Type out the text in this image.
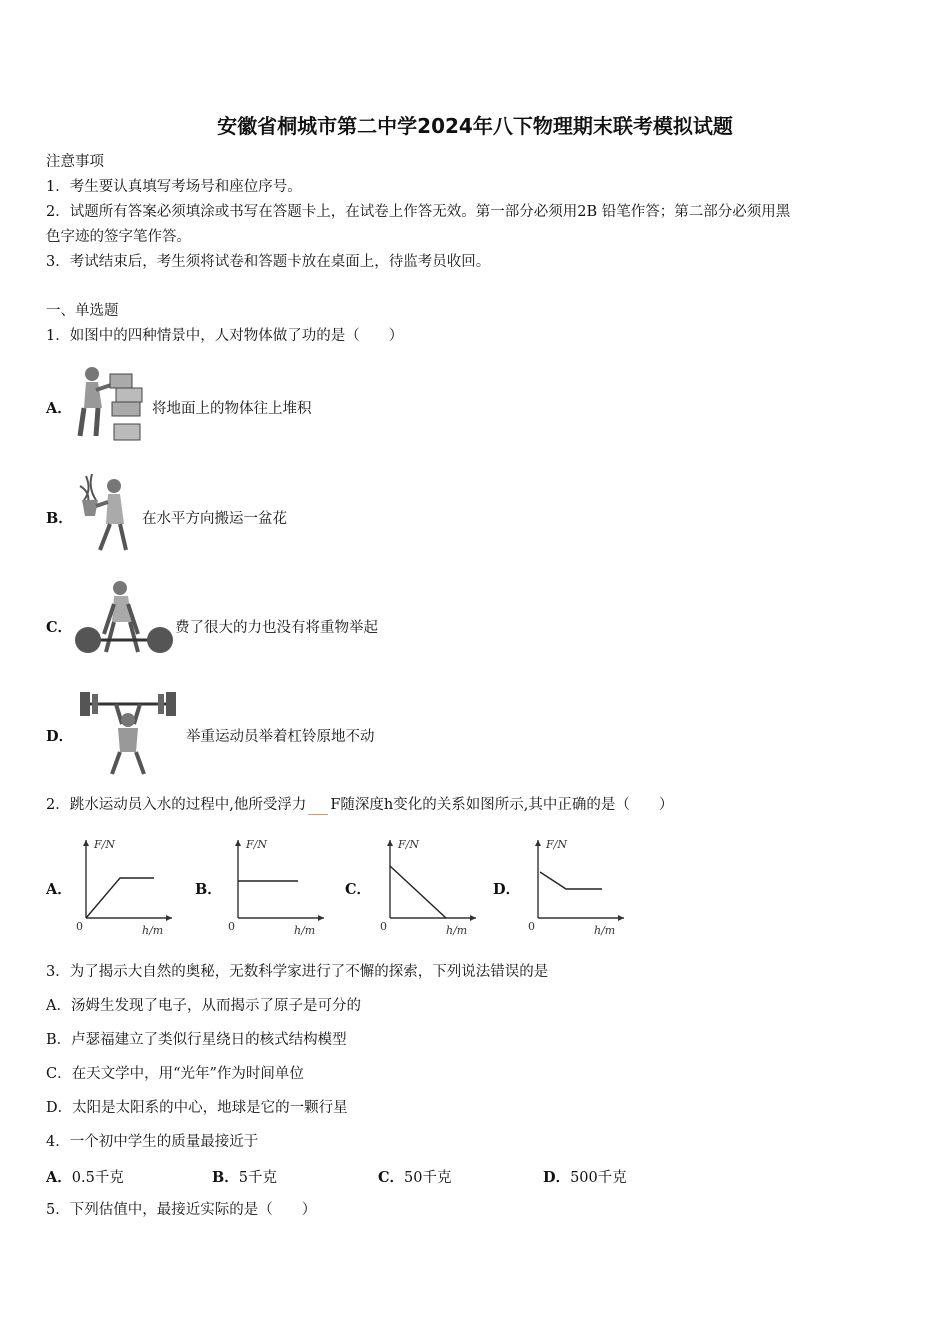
安徽省桐城市第二中学2024年八下物理期末联考模拟试题
注意事项
1．考生要认真填写考场号和座位序号。
2．试题所有答案必须填涂或书写在答题卡上，在试卷上作答无效。第一部分必须用2B 铅笔作答；第二部分必须用黑
色字迹的签字笔作答。
3．考试结束后，考生须将试卷和答题卡放在桌面上，待监考员收回。
一、单选题
1．如图中的四种情景中，人对物体做了功的是（　　）
A．	将地面上的物体往上堆积
B．	在水平方向搬运一盆花
C．	费了很大的力也没有将重物举起
D．	举重运动员举着杠铃原地不动
2．跳水运动员入水的过程中,他所受浮力 F随深度h变化的关系如图所示,其中正确的是（　　）
A．
F/N
h/m
0
B．
F/N
h/m
0
C．
F/N
h/m
0
D．
F/N
h/m
0
3．为了揭示大自然的奥秘，无数科学家进行了不懈的探索，下列说法错误的是
A．汤姆生发现了电子，从而揭示了原子是可分的
B．卢瑟福建立了类似行星绕日的核式结构模型
C．在天文学中，用“光年”作为时间单位
D．太阳是太阳系的中心，地球是它的一颗行星
4．一个初中学生的质量最接近于
A．0.5千克	B．5千克	C．50千克	D．500千克
5．下列估值中，最接近实际的是（　　）
